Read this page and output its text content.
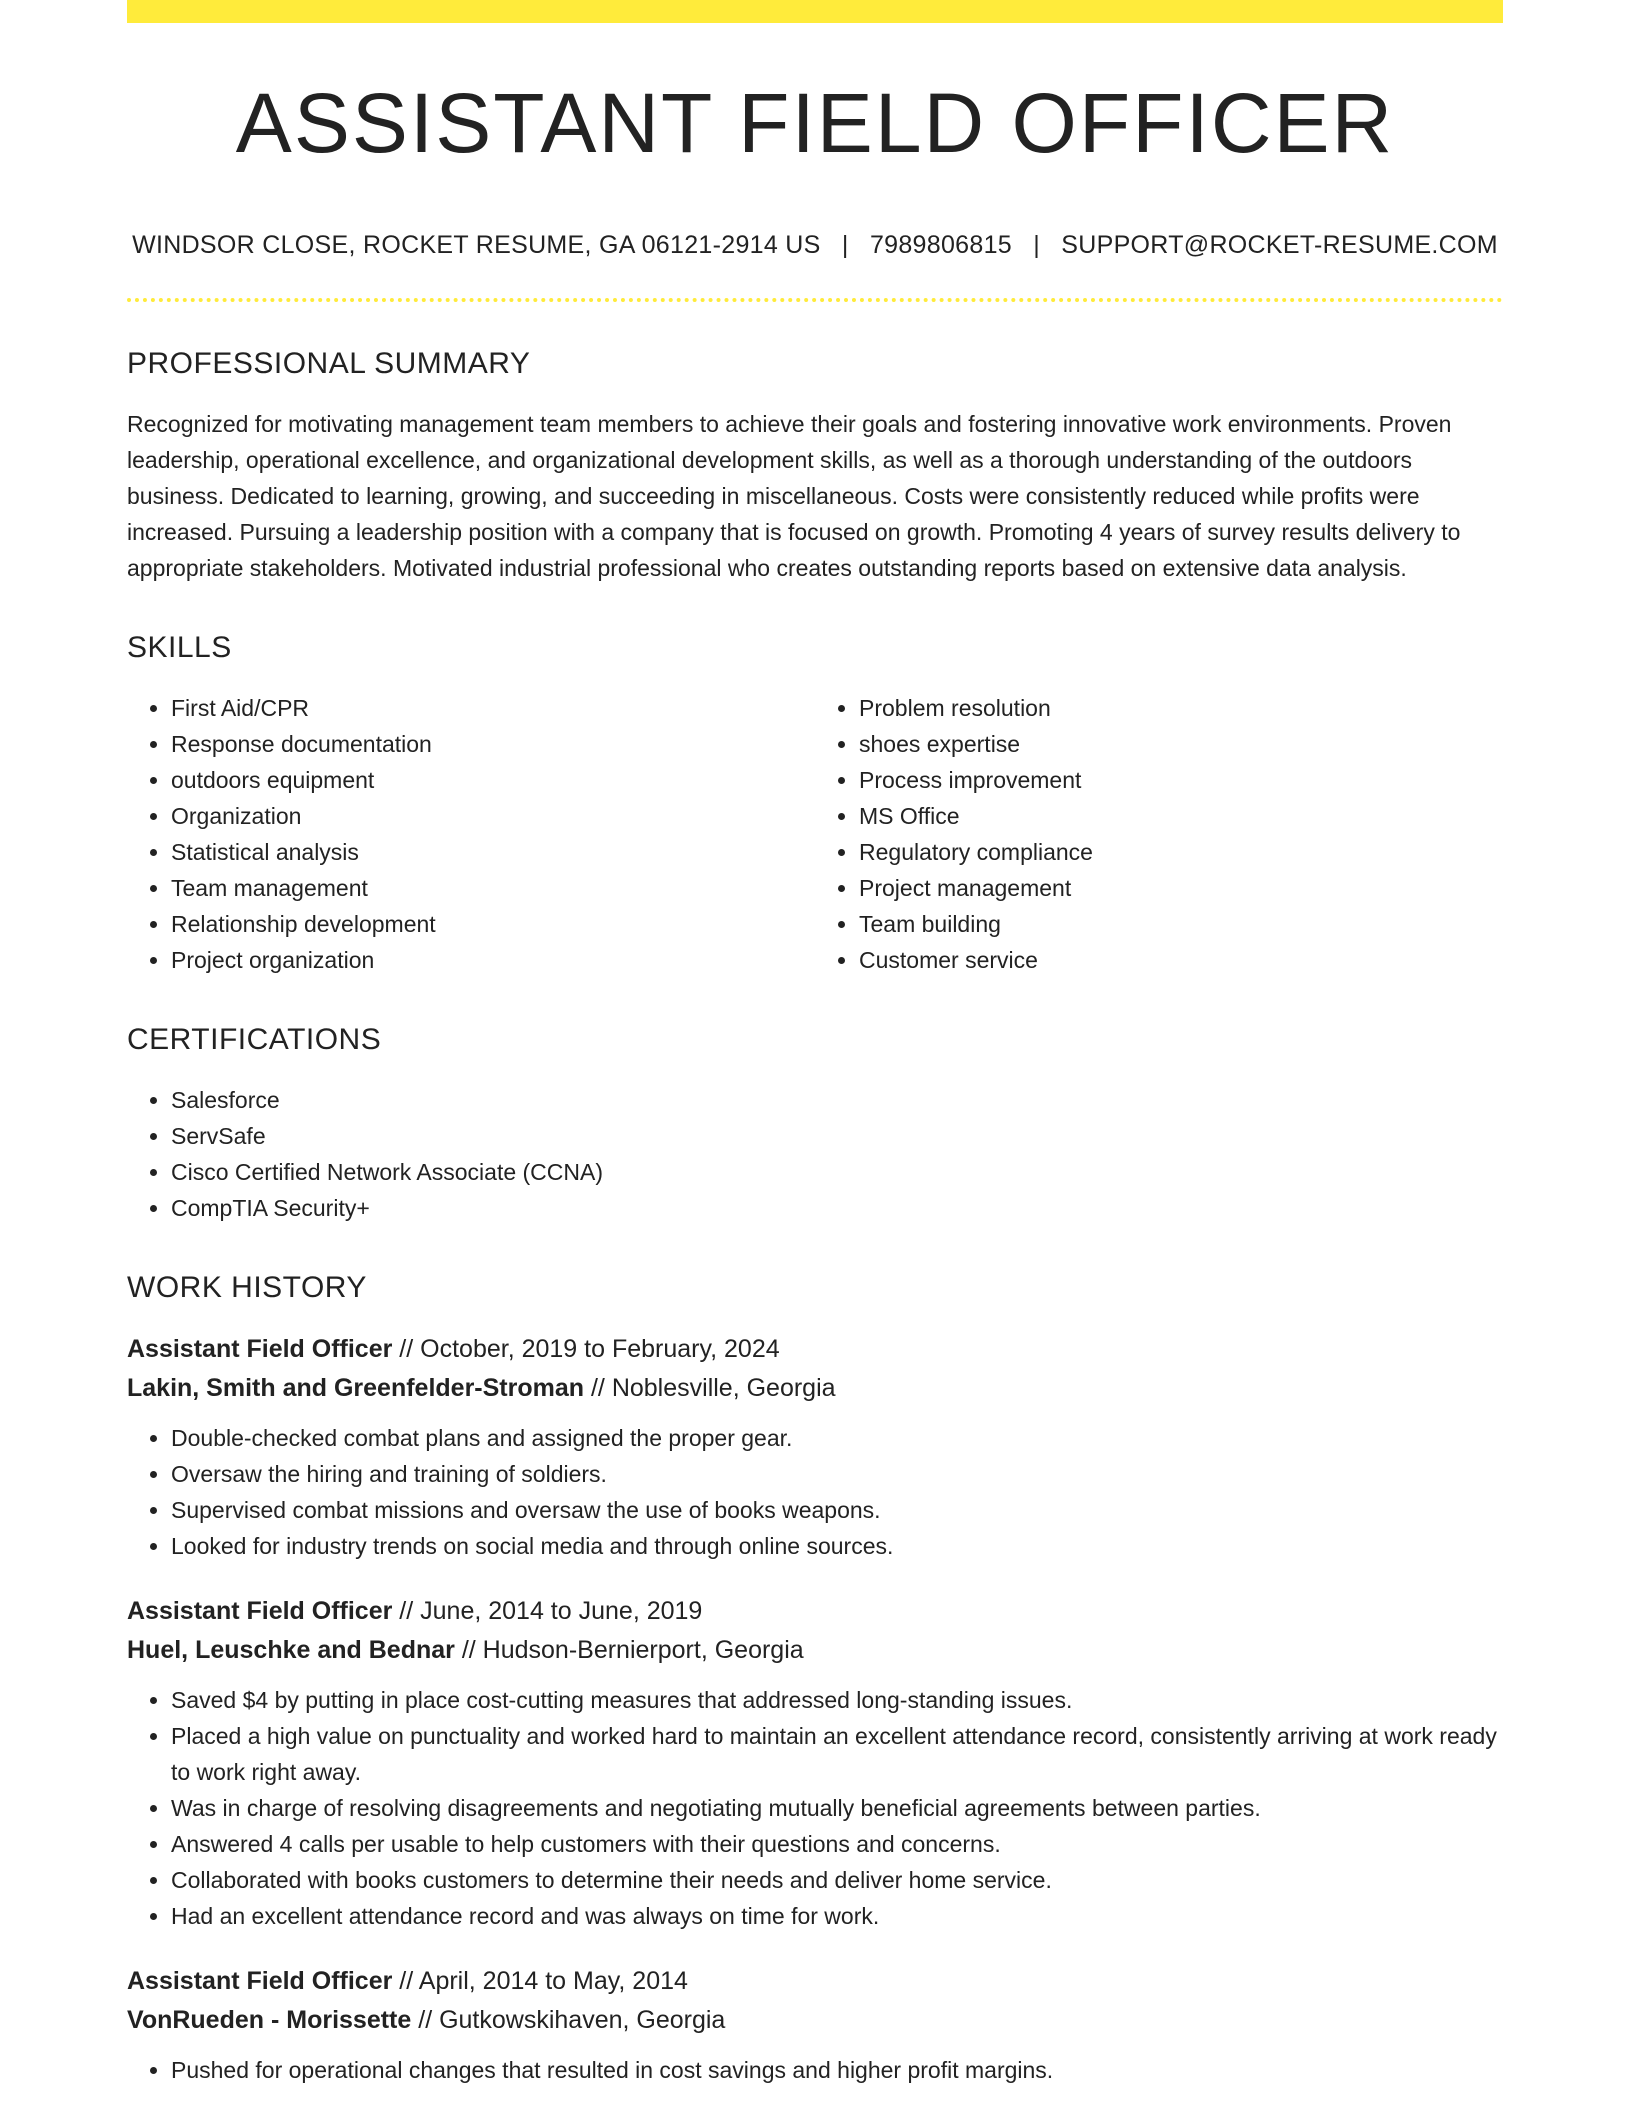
ASSISTANT FIELD OFFICER
WINDSOR CLOSE, ROCKET RESUME, GA 06121-2914 US | 7989806815 | SUPPORT@ROCKET-RESUME.COM
PROFESSIONAL SUMMARY
Recognized for motivating management team members to achieve their goals and fostering innovative work environments. Proven leadership, operational excellence, and organizational development skills, as well as a thorough understanding of the outdoors business. Dedicated to learning, growing, and succeeding in miscellaneous. Costs were consistently reduced while profits were increased. Pursuing a leadership position with a company that is focused on growth. Promoting 4 years of survey results delivery to appropriate stakeholders. Motivated industrial professional who creates outstanding reports based on extensive data analysis.
SKILLS
• First Aid/CPR
• Response documentation
• outdoors equipment
• Organization
• Statistical analysis
• Team management
• Relationship development
• Project organization
• Problem resolution
• shoes expertise
• Process improvement
• MS Office
• Regulatory compliance
• Project management
• Team building
• Customer service
CERTIFICATIONS
• Salesforce
• ServSafe
• Cisco Certified Network Associate (CCNA)
• CompTIA Security+
WORK HISTORY
Assistant Field Officer // October, 2019 to February, 2024
Lakin, Smith and Greenfelder-Stroman // Noblesville, Georgia
• Double-checked combat plans and assigned the proper gear.
• Oversaw the hiring and training of soldiers.
• Supervised combat missions and oversaw the use of books weapons.
• Looked for industry trends on social media and through online sources.
Assistant Field Officer // June, 2014 to June, 2019
Huel, Leuschke and Bednar // Hudson-Bernierport, Georgia
• Saved $4 by putting in place cost-cutting measures that addressed long-standing issues.
• Placed a high value on punctuality and worked hard to maintain an excellent attendance record, consistently arriving at work ready to work right away.
• Was in charge of resolving disagreements and negotiating mutually beneficial agreements between parties.
• Answered 4 calls per usable to help customers with their questions and concerns.
• Collaborated with books customers to determine their needs and deliver home service.
• Had an excellent attendance record and was always on time for work.
Assistant Field Officer // April, 2014 to May, 2014
VonRueden - Morissette // Gutkowskihaven, Georgia
• Pushed for operational changes that resulted in cost savings and higher profit margins.
